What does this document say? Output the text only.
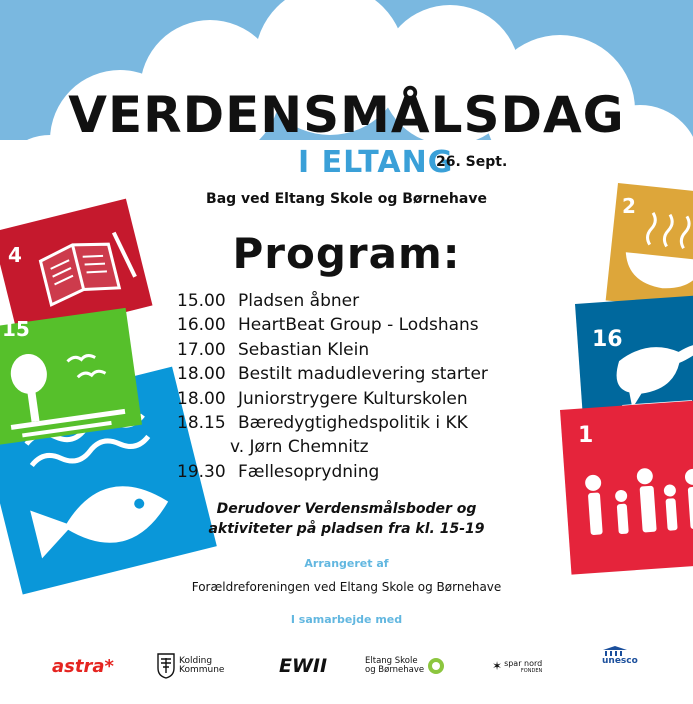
4
15
2
16
1
VERDENSMÅLSDAG
I ELTANG
26. Sept.
Bag ved Eltang Skole og Børnehave
Program:
15.00 Pladsen åbner
16.00 HeartBeat Group - Lodshans
17.00 Sebastian Klein
18.00 Bestilt madudlevering starter
18.00 Juniorstrygere Kulturskolen
18.15 Bæredygtighedspolitik i KK
v. Jørn Chemnitz
19.30 Fællesoprydning
Derudover Verdensmålsboder og
aktiviteter på pladsen fra kl. 15-19
Arrangeret af
Forældreforeningen ved Eltang Skole og Børnehave
I samarbejde med
astra*	Kolding
Kommune	EWII	Eltang Skole
og Børnehave	✶ spar nord
FONDEN
unesco
